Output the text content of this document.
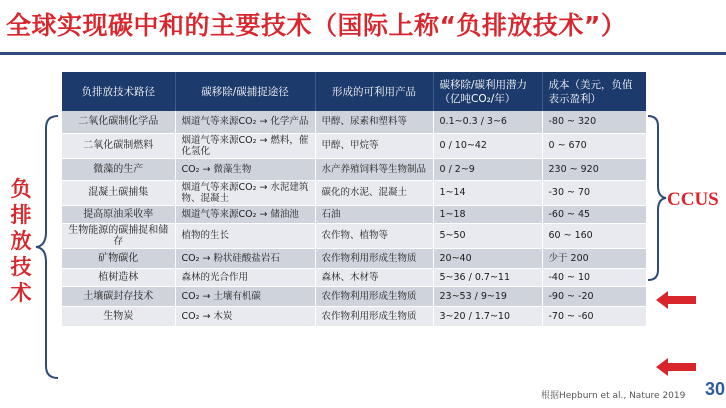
全球实现碳中和的主要技术（国际上称“负排放技术”）
负
排
放
技
术
CCUS
负排放技术路径	碳移除/碳捕捉途径	形成的可利用产品	碳移除/碳利用潜力（亿吨CO₂/年）	成本（美元，负值表示盈利）
二氧化碳制化学品	烟道气等来源CO₂ → 化学产品	甲醇、尿素和塑料等	0.1~0.3 / 3~6	-80 ~ 320
二氧化碳制燃料	烟道气等来源CO₂ → 燃料，催化氢化	甲醇、甲烷等	0 / 10~42	0 ~ 670
微藻的生产	CO₂ → 微藻生物	水产养殖饲料等生物制品	0 / 2~9	230 ~ 920
混凝土碳捕集	烟道气等来源CO₂ → 水泥建筑物、混凝土	碳化的水泥、混凝土	1~14	-30 ~ 70
提高原油采收率	烟道气等来源CO₂ → 储油池	石油	1~18	-60 ~ 45
生物能源的碳捕捉和储存	植物的生长	农作物、植物等	5~50	60 ~ 160
矿物碳化	CO₂ → 粉状硅酸盐岩石	农作物利用形成生物质	20~40	少于 200
植树造林	森林的光合作用	森林、木材等	5~36 / 0.7~11	-40 ~ 10
土壤碳封存技术	CO₂ → 土壤有机碳	农作物利用形成生物质	23~53 / 9~19	-90 ~ -20
生物炭	CO₂ → 木炭	农作物利用形成生物质	3~20 / 1.7~10	-70 ~ -60
根据Hepburn et al., Nature 2019 30
